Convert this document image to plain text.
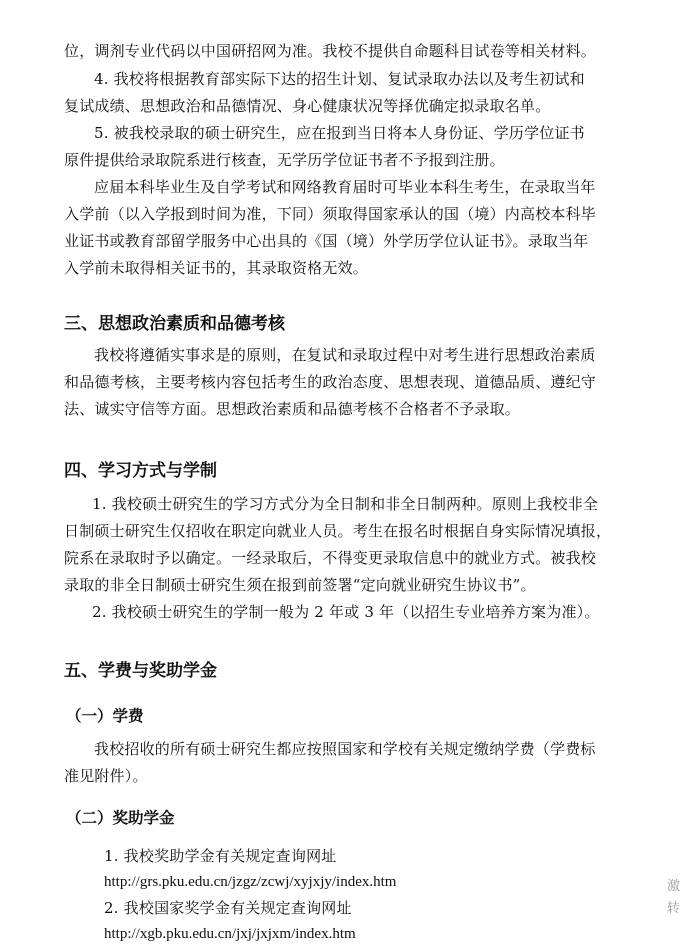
位，调剂专业代码以中国研招网为准。我校不提供自命题科目试卷等相关材料。
4. 我校将根据教育部实际下达的招生计划、复试录取办法以及考生初试和
复试成绩、思想政治和品德情况、身心健康状况等择优确定拟录取名单。
5. 被我校录取的硕士研究生，应在报到当日将本人身份证、学历学位证书
原件提供给录取院系进行核查，无学历学位证书者不予报到注册。
应届本科毕业生及自学考试和网络教育届时可毕业本科生考生，在录取当年
入学前（以入学报到时间为准，下同）须取得国家承认的国（境）内高校本科毕
业证书或教育部留学服务中心出具的《国（境）外学历学位认证书》。录取当年
入学前未取得相关证书的，其录取资格无效。
三、思想政治素质和品德考核
我校将遵循实事求是的原则，在复试和录取过程中对考生进行思想政治素质
和品德考核，主要考核内容包括考生的政治态度、思想表现、道德品质、遵纪守
法、诚实守信等方面。思想政治素质和品德考核不合格者不予录取。
四、学习方式与学制
1. 我校硕士研究生的学习方式分为全日制和非全日制两种。原则上我校非全
日制硕士研究生仅招收在职定向就业人员。考生在报名时根据自身实际情况填报，
院系在录取时予以确定。一经录取后，不得变更录取信息中的就业方式。被我校
录取的非全日制硕士研究生须在报到前签署“定向就业研究生协议书”。
2. 我校硕士研究生的学制一般为 2 年或 3 年（以招生专业培养方案为准）。
五、学费与奖助学金
（一）学费
我校招收的所有硕士研究生都应按照国家和学校有关规定缴纳学费（学费标
准见附件）。
（二）奖助学金
1. 我校奖助学金有关规定查询网址
http://grs.pku.edu.cn/jzgz/zcwj/xyjxjy/index.htm
2. 我校国家奖学金有关规定查询网址
http://xgb.pku.edu.cn/jxj/jxjxm/index.htm
激转
